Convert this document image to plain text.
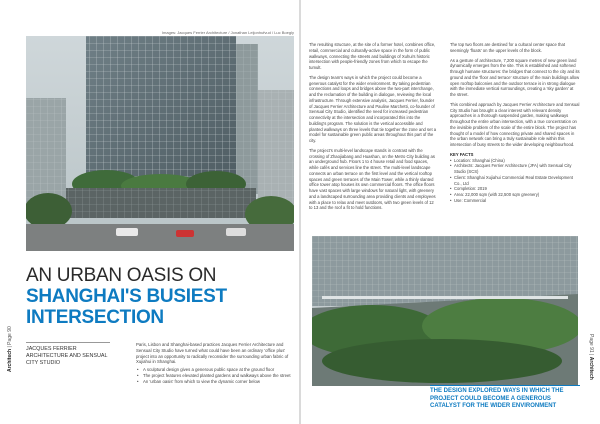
Images: Jacques Ferrier Architecture / Jonathan Leijonhufvud / Luc Boegly
AN URBAN OASIS ON
SHANGHAI'S BUSIEST
INTERSECTION
JACQUES FERRIER ARCHITECTURE AND SENSUAL CITY STUDIO

Paris, Lisbon and Shanghai-based practices Jacques Ferrier Architecture and Sensual City Studio have turned what could have been an ordinary 'office plus' project into an opportunity to radically reconsider the surrounding urban fabric of Xujiahui in Shanghai.

• A sculptural design gives a generous public space at the ground floor
• The project features elevated planted gardens and walkways above the street
• An 'urban oasis' from which to view the dynamic corner below
Architech | Page 90

The resulting structure, at the site of a former hotel, combines office, retail, commercial and culturally-active space in the form of public walkways, connecting the streets and buildings of Xuhui's historic intersection with people-friendly zones from which to escape the tumult.

The design team's ways in which the project could become a generous catalyst for the wider environment. By taking pedestrian connections and loops and bridges above the two-part interchange, and the reclamation of the building in dialogue, reviewing the local infrastructure. Through extensive analysis, Jacques Ferrier, founder of Jacques Ferrier Architecture and Pauline Marchetti, co-founder of Sensual City Studio, identified the need for increased pedestrian connectivity at the intersection and incorporated this into the building's program. The solution is the vertical accessible and planted walkways on three levels that tie together the zone and set a model for sustainable green public areas throughout this part of the city.

The project's multi-level landscape stands in contrast with the crossing of Zhaojiabang and Huashan, on the Metro City building as an underground hub. Floors 1 to 4 house retail and food spaces, while cafés and services line the street. The multi-level landscape connects an urban terrace on the first level and the vertical rooftop spaces and green terraces of the Main Tower, while a thinly slanted office tower atop houses its own commercial floors. The office floors have vast spaces with large windows for natural light, with greenery and a landscaped surrounding area providing clients and employees with a place to relax and meet outdoors, with two green levels of 12 to 13 and the roof a fit to hold functions.

The top two floors are destined for a cultural center space that seemingly 'floats' on the upper levels of the block.

As a gesture of architecture, 7,200 square metres of new green land dynamically emerges from the site. This is established and softened through humane structures: the bridges that connect to the city and its ground and the 'floor and terrace' structure of the main buildings allow open rooftop balconies and the outdoor terrace is in strong dialogue with the immediate vertical surroundings, creating a 'sky garden' at the street.

This combined approach by Jacques Ferrier Architecture and Sensual City Studio has brought a clear interest with relevant density approaches in a thorough suspended garden, making walkways throughout the entire urban intersection, with a true concentration on the invisible problem of the scale of the entire block. The project has thought of a model of how connecting private and shared spaces in the urban network can bring a truly sustainable role within this intersection of busy streets to the wider developing neighbourhood.

KEY FACTS
• Location: Shanghai (China)
• Architects: Jacques Ferrier Architecture (JFA) with Sensual City Studio (SCS)
• Client: Shanghai Xujiahui Commercial Real Estate Development Co., Ltd
• Completion: 2019
• Area: 22,000 sqm (with 22,500 sqm greenery)
• Use: Commercial
THE DESIGN EXPLORED WAYS IN WHICH THE PROJECT COULD BECOME A GENEROUS CATALYST FOR THE WIDER ENVIRONMENT
Page 91 | Architech
